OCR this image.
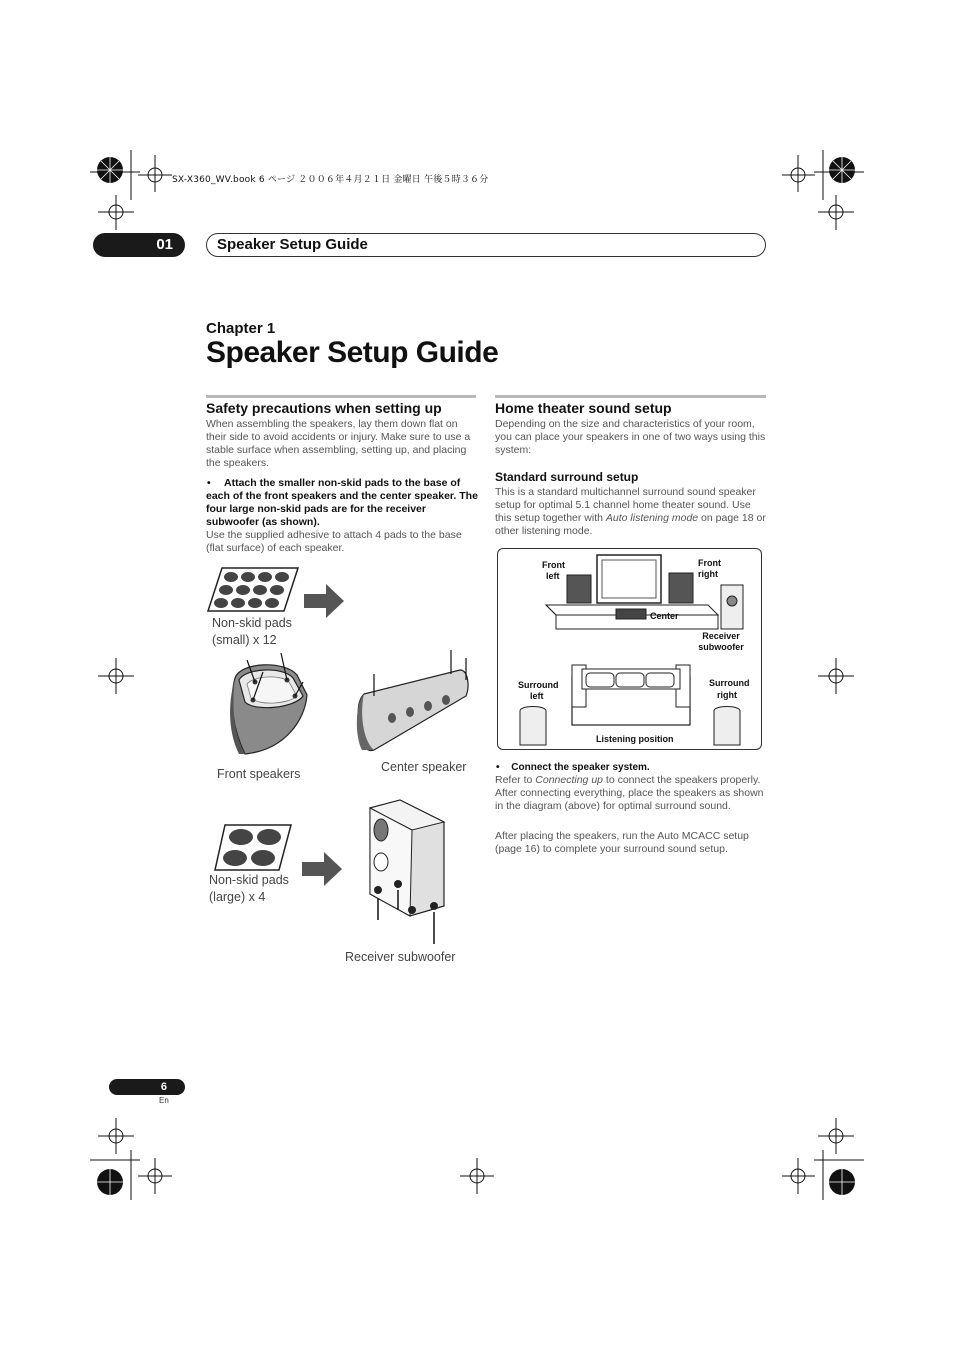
SX-X360_WV.book 6 ページ ２００６年４月２１日 金曜日 午後５時３６分
01	Speaker Setup Guide
Chapter 1
Speaker Setup Guide
Safety precautions when setting up
When assembling the speakers, lay them down flat on their side to avoid accidents or injury. Make sure to use a stable surface when assembling, setting up, and placing the speakers.
•	Attach the smaller non-skid pads to the base of each of the front speakers and the center speaker. The four large non-skid pads are for the receiver subwoofer (as shown).
Use the supplied adhesive to attach 4 pads to the base (flat surface) of each speaker.
Non-skid pads
(small) x 12
Front speakers	Center speaker
Non-skid pads
(large) x 4
Receiver subwoofer
Home theater sound setup
Depending on the size and characteristics of your room, you can place your speakers in one of two ways using this system:
Standard surround setup
This is a standard multichannel surround sound speaker setup for optimal 5.1 channel home theater sound. Use this setup together with Auto listening mode on page 18 or other listening mode.
Front
left
Front
right
Center
Receiver subwoofer
Surround
left
Surround
right
Listening position
• Connect the speaker system.
Refer to Connecting up to connect the speakers properly. After connecting everything, place the speakers as shown in the diagram (above) for optimal surround sound.
After placing the speakers, run the Auto MCACC setup (page 16) to complete your surround sound setup.
6
En
